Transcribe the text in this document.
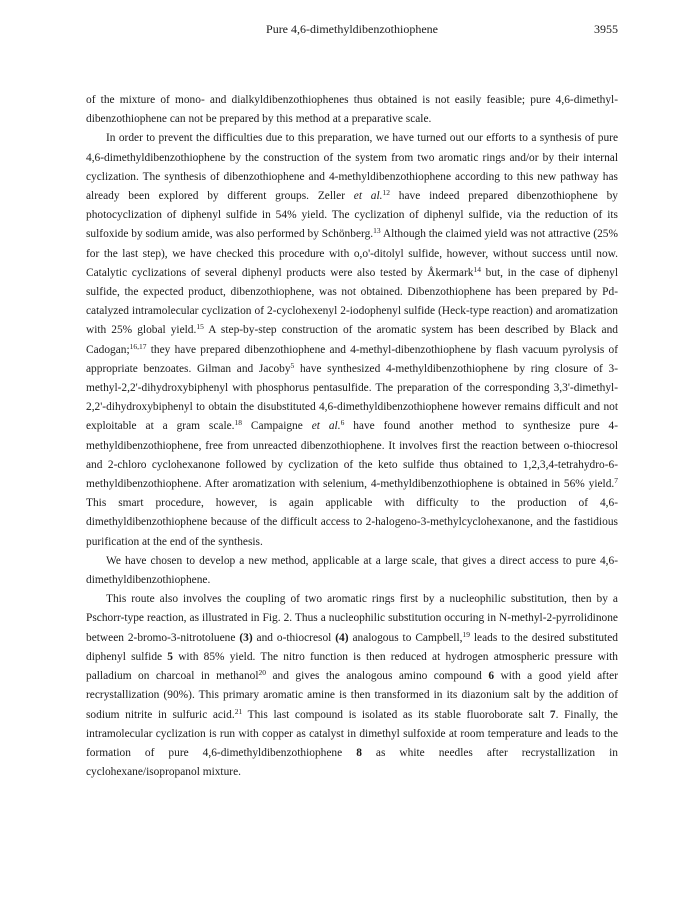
Pure 4,6-dimethyldibenzothiophene	3955

of the mixture of mono- and dialkyldibenzothiophenes thus obtained is not easily feasible; pure 4,6-dimethyl-dibenzothiophene can not be prepared by this method at a preparative scale.

In order to prevent the difficulties due to this preparation, we have turned out our efforts to a synthesis of pure 4,6-dimethyldibenzothiophene by the construction of the system from two aromatic rings and/or by their internal cyclization. The synthesis of dibenzothiophene and 4-methyldibenzothiophene according to this new pathway has already been explored by different groups. Zeller et al.$^{12}$ have indeed prepared dibenzothiophene by photocyclization of diphenyl sulfide in 54% yield. The cyclization of diphenyl sulfide, via the reduction of its sulfoxide by sodium amide, was also performed by Schönberg.$^{13}$ Although the claimed yield was not attractive (25% for the last step), we have checked this procedure with o,o'-ditolyl sulfide, however, without success until now. Catalytic cyclizations of several diphenyl products were also tested by Åkermark$^{14}$ but, in the case of diphenyl sulfide, the expected product, dibenzothiophene, was not obtained. Dibenzothiophene has been prepared by Pd-catalyzed intramolecular cyclization of 2-cyclohexenyl 2-iodophenyl sulfide (Heck-type reaction) and aromatization with 25% global yield.$^{15}$ A step-by-step construction of the aromatic system has been described by Black and Cadogan;$^{16,17}$ they have prepared dibenzothiophene and 4-methyl-dibenzothiophene by flash vacuum pyrolysis of appropriate benzoates. Gilman and Jacoby$^5$ have synthesized 4-methyldibenzothiophene by ring closure of 3-methyl-2,2'-dihydroxybiphenyl with phosphorus pentasulfide. The preparation of the corresponding 3,3'-dimethyl-2,2'-dihydroxybiphenyl to obtain the disubstituted 4,6-dimethyldibenzothiophene however remains difficult and not exploitable at a gram scale.$^{18}$ Campaigne et al.$^6$ have found another method to synthesize pure 4-methyldibenzothiophene, free from unreacted dibenzothiophene. It involves first the reaction between o-thiocresol and 2-chloro cyclohexanone followed by cyclization of the keto sulfide thus obtained to 1,2,3,4-tetrahydro-6-methyldibenzothiophene. After aromatization with selenium, 4-methyldibenzothiophene is obtained in 56% yield.$^7$ This smart procedure, however, is again applicable with difficulty to the production of 4,6-dimethyldibenzothiophene because of the difficult access to 2-halogeno-3-methylcyclohexanone, and the fastidious purification at the end of the synthesis.

We have chosen to develop a new method, applicable at a large scale, that gives a direct access to pure 4,6-dimethyldibenzothiophene.

This route also involves the coupling of two aromatic rings first by a nucleophilic substitution, then by a Pschorr-type reaction, as illustrated in Fig. 2. Thus a nucleophilic substitution occuring in N-methyl-2-pyrrolidinone between 2-bromo-3-nitrotoluene (3) and o-thiocresol (4) analogous to Campbell,$^{19}$ leads to the desired substituted diphenyl sulfide 5 with 85% yield. The nitro function is then reduced at hydrogen atmospheric pressure with palladium on charcoal in methanol$^{20}$ and gives the analogous amino compound 6 with a good yield after recrystallization (90%). This primary aromatic amine is then transformed in its diazonium salt by the addition of sodium nitrite in sulfuric acid.$^{21}$ This last compound is isolated as its stable fluoroborate salt 7. Finally, the intramolecular cyclization is run with copper as catalyst in dimethyl sulfoxide at room temperature and leads to the formation of pure 4,6-dimethyldibenzothiophene 8 as white needles after recrystallization in cyclohexane/isopropanol mixture.
